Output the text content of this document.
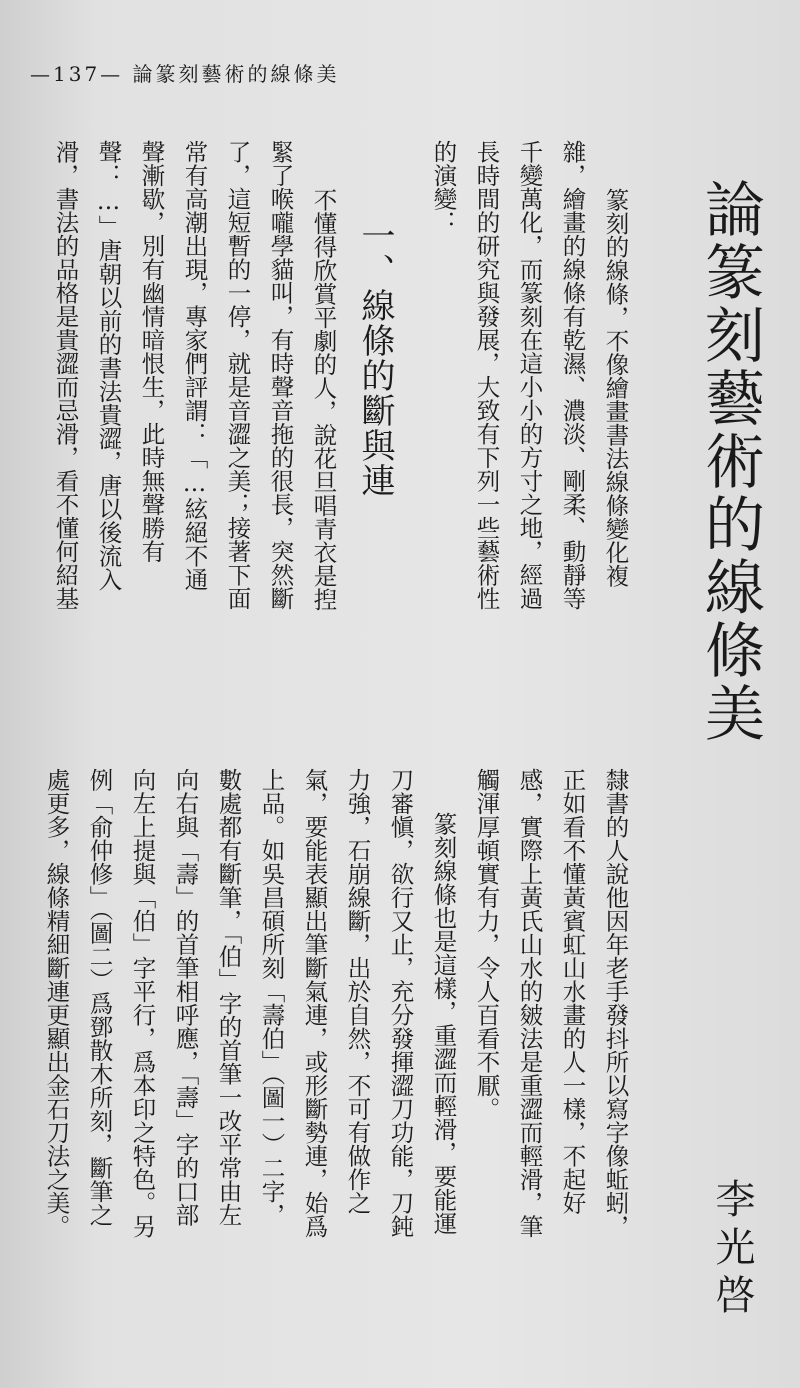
—137— 論篆刻藝術的線條美
論篆刻藝術的線條美
李光啓
一、線條的斷與連	篆刻的線條，不像繪畫書法線條變化複
雜，繪畫的線條有乾濕、濃淡、剛柔、動靜等
千變萬化，而篆刻在這小小的方寸之地，經過
長時間的研究與發展，大致有下列一些藝術性
的演變：
不懂得欣賞平劇的人，說花旦唱青衣是揑
緊了喉嚨學貓叫，有時聲音拖的很長，突然斷
了，這短暫的一停，就是音澀之美；接著下面
常有高潮出現，專家們評謂：「…絃絕不通
聲漸歇，別有幽情暗恨生，此時無聲勝有
聲：…」唐朝以前的書法貴澀，唐以後流入
滑，書法的品格是貴澀而忌滑，看不懂何紹基
隸書的人說他因年老手發抖所以寫字像蚯蚓，
正如看不懂黃賓虹山水畫的人一樣，不起好
感，實際上黃氏山水的皴法是重澀而輕滑，筆
觸渾厚頓實有力，令人百看不厭。
篆刻線條也是這樣，重澀而輕滑，要能運
刀審愼，欲行又止，充分發揮澀刀功能，刀鈍
力強，石崩線斷，出於自然，不可有做作之
氣，要能表顯出筆斷氣連，或形斷勢連，始爲
上品。如吳昌碩所刻「壽伯」（圖一）二字，
數處都有斷筆，「伯」字的首筆一改平常由左
向右與「壽」的首筆相呼應，「壽」字的口部
向左上提與「伯」字平行，爲本印之特色。另
例「俞仲修」（圖二）爲鄧散木所刻，斷筆之
處更多，線條精細斷連更顯出金石刀法之美。
